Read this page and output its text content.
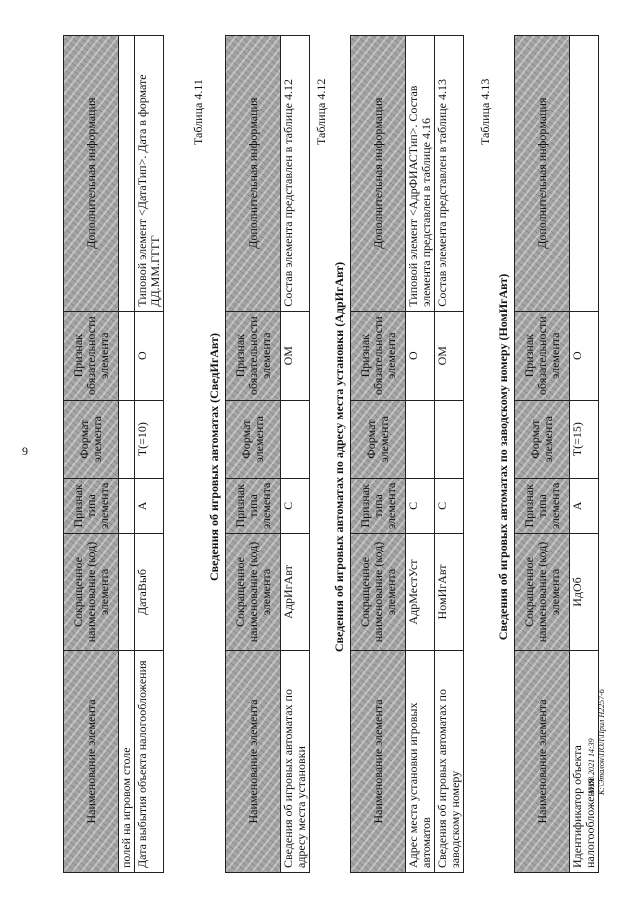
9
Наименование элемента	Сокращенное наименование (код) элемента	Признак типа элемента	Формат элемента	Признак обязательности элемента	Дополнительная информация
полей на игровом столе					
Дата выбытия объекта налогообложения	ДатаВыб	А	Т(=10)	О	Типовой элемент <ДатаТип>. Дата в формате ДД.ММ.ГГГГ
Таблица 4.11
Сведения об игровых автоматах (СведИгАвт)
Наименование элемента	Сокращенное наименование (код) элемента	Признак типа элемента	Формат элемента	Признак обязательности элемента	Дополнительная информация
Сведения об игровых автоматах по адресу места установки	АдрИгАвт	С		ОМ	Состав элемента представлен в таблице 4.12 Таблица 4.12
Сведения об игровых автоматах по адресу места установки (АдрИгАвт)
Наименование элемента	Сокращенное наименование (код) элемента	Признак типа элемента	Формат элемента	Признак обязательности элемента	Дополнительная информация
Адрес места установки игровых автоматов	АдрМестУст	С		О	Типовой элемент <АдрФИАСТип>. Состав элемента представлен в таблице 4.16
Сведения об игровых автоматах по заводскому номеру	НомИгАвт	С		ОМ	Состав элемента представлен в таблице 4.13 Таблица 4.13
Сведения об игровых автоматах по заводскому номеру (НомИгАвт)
Наименование элемента	Сокращенное наименование (код) элемента	Признак типа элемента	Формат элемента	Признак обязательности элемента	Дополнительная информация
Идентификатор объекта налогообложения	ИдОб	А	Т(=15)	О	
10.08.2021 14:39 К:\Эталон\ПОЛ\Прил Н2257-6
